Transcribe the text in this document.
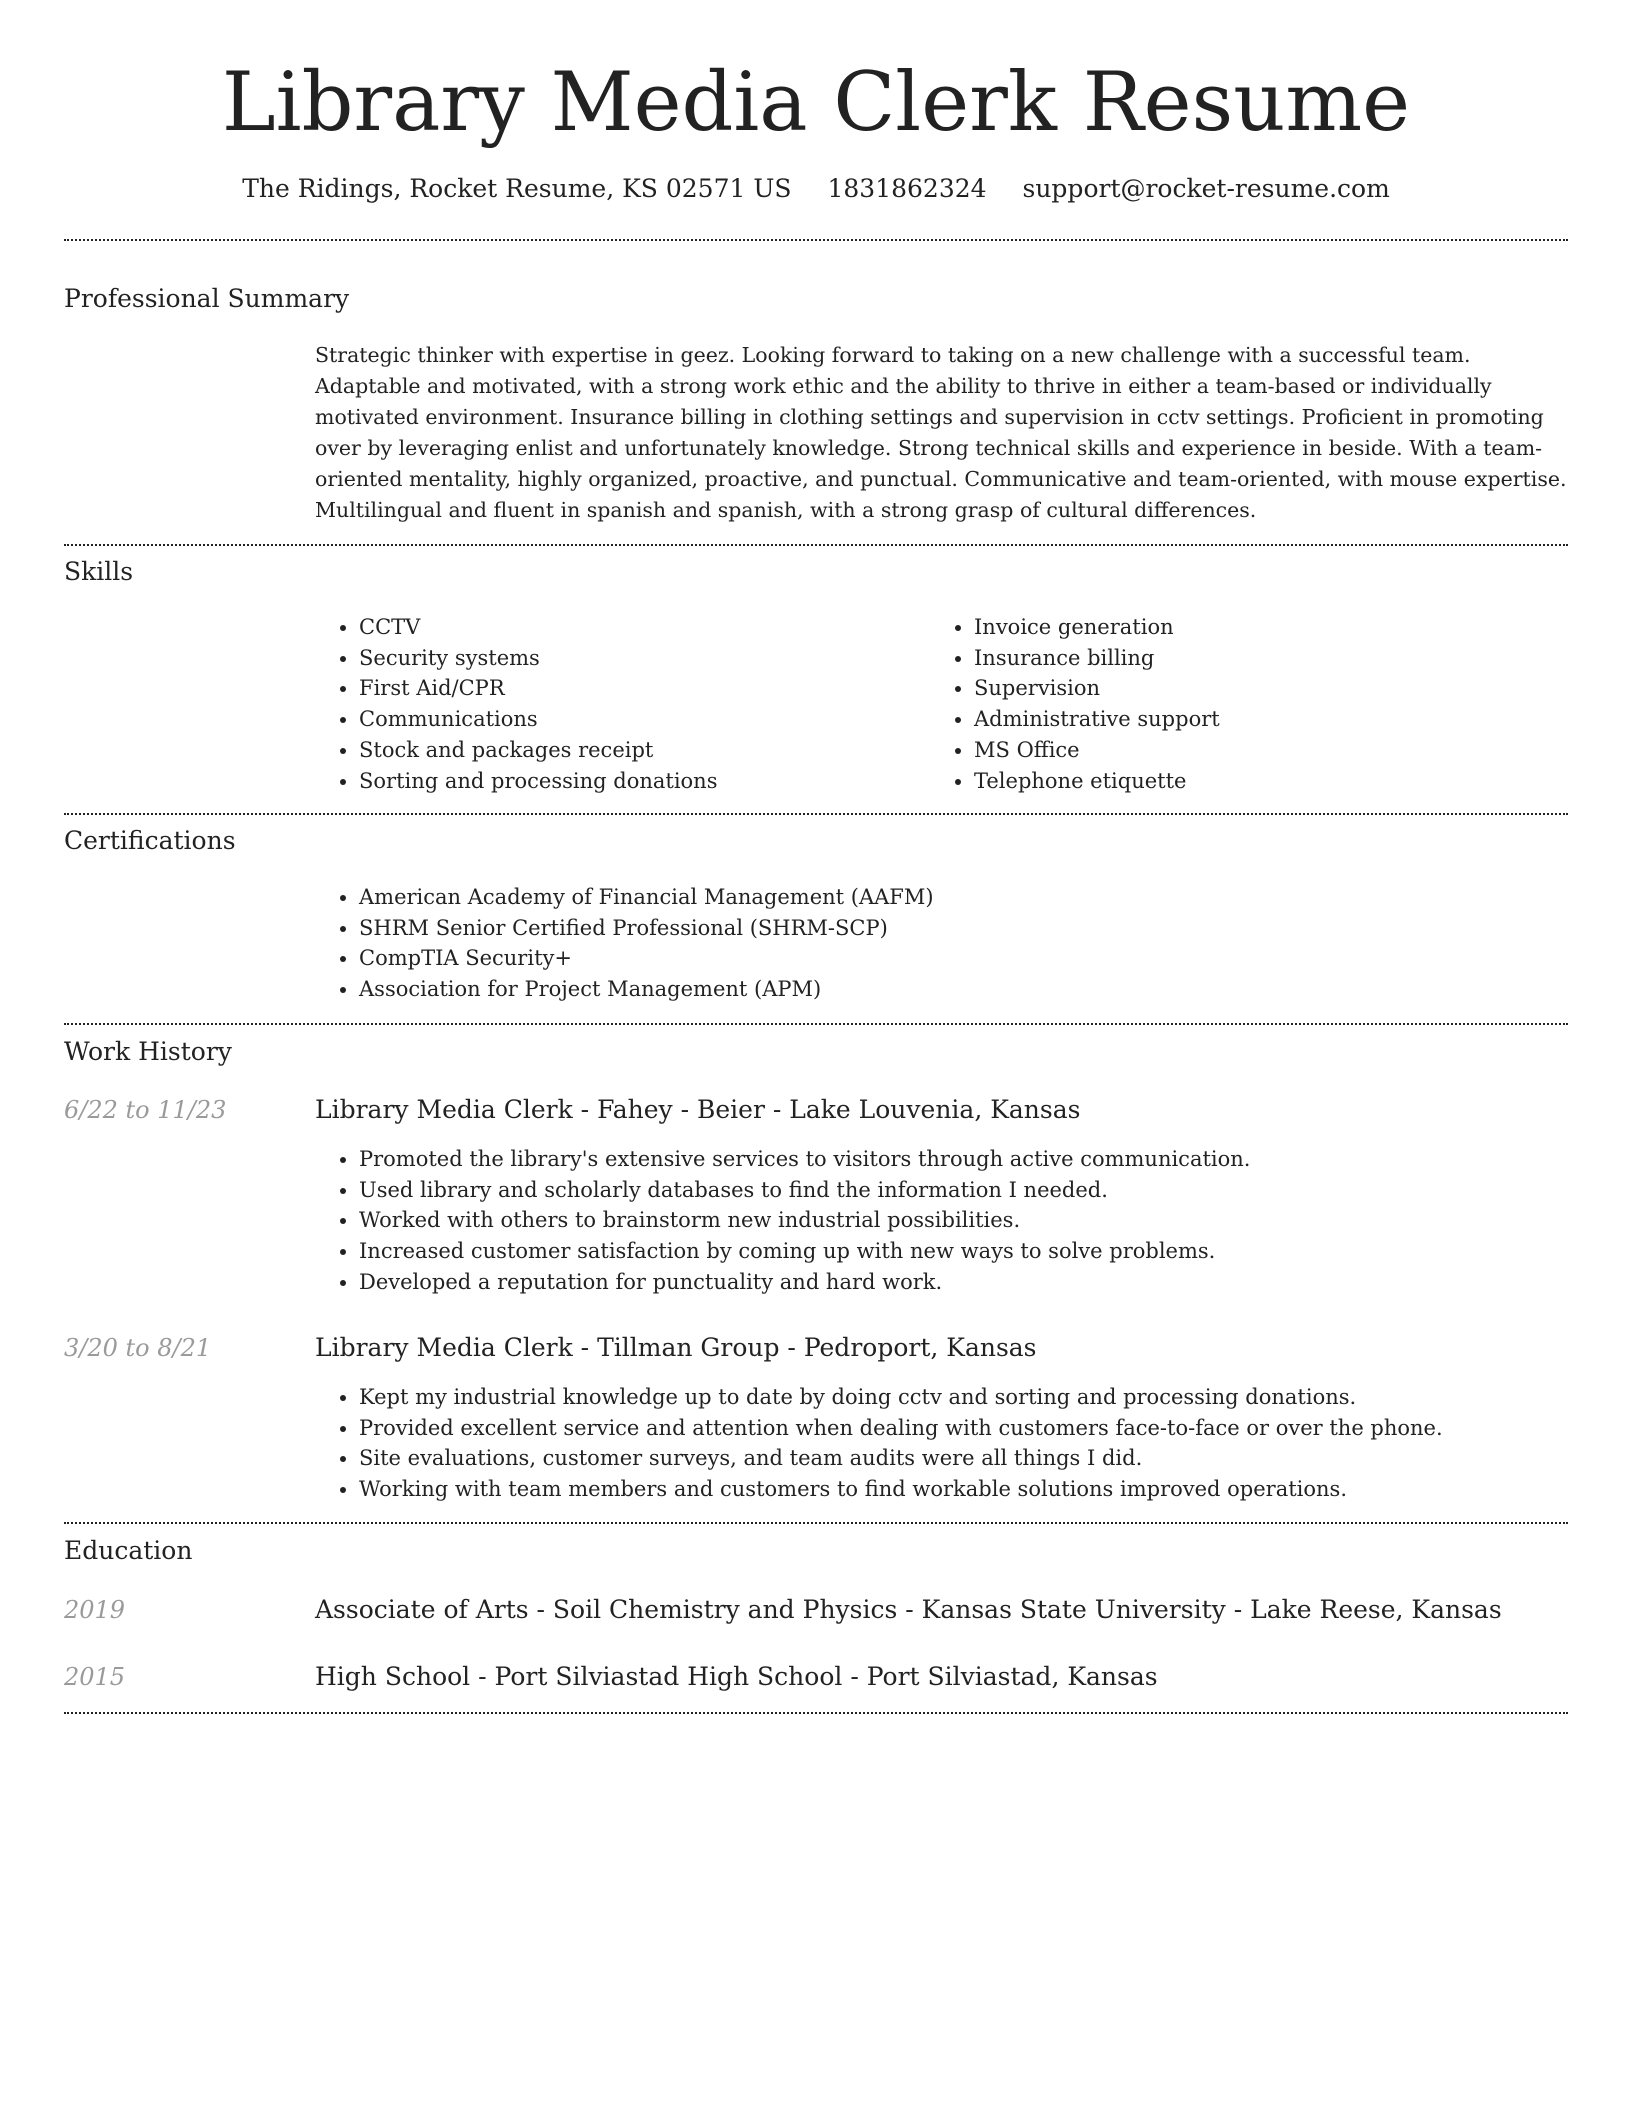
Library Media Clerk Resume
The Ridings, Rocket Resume, KS 02571 US 1831862324 support@rocket-resume.com
Professional Summary

Strategic thinker with expertise in geez. Looking forward to taking on a new challenge with a successful team. Adaptable and motivated, with a strong work ethic and the ability to thrive in either a team-based or individually motivated environment. Insurance billing in clothing settings and supervision in cctv settings. Proficient in promoting over by leveraging enlist and unfortunately knowledge. Strong technical skills and experience in beside. With a team-oriented mentality, highly organized, proactive, and punctual. Communicative and team-oriented, with mouse expertise. Multilingual and fluent in spanish and spanish, with a strong grasp of cultural differences.

Skills
• CCTV
• Security systems
• First Aid/CPR
• Communications
• Stock and packages receipt
• Sorting and processing donations
• Invoice generation
• Insurance billing
• Supervision
• Administrative support
• MS Office
• Telephone etiquette
Certifications
• American Academy of Financial Management (AAFM)
• SHRM Senior Certified Professional (SHRM-SCP)
• CompTIA Security+
• Association for Project Management (APM)
Work History
6/22 to 11/23	Library Media Clerk - Fahey - Beier - Lake Louvenia, Kansas
• Promoted the library's extensive services to visitors through active communication.
• Used library and scholarly databases to find the information I needed.
• Worked with others to brainstorm new industrial possibilities.
• Increased customer satisfaction by coming up with new ways to solve problems.
• Developed a reputation for punctuality and hard work.
3/20 to 8/21	Library Media Clerk - Tillman Group - Pedroport, Kansas
• Kept my industrial knowledge up to date by doing cctv and sorting and processing donations.
• Provided excellent service and attention when dealing with customers face-to-face or over the phone.
• Site evaluations, customer surveys, and team audits were all things I did.
• Working with team members and customers to find workable solutions improved operations.
Education
2019	Associate of Arts - Soil Chemistry and Physics - Kansas State University - Lake Reese, Kansas
2015	High School - Port Silviastad High School - Port Silviastad, Kansas
